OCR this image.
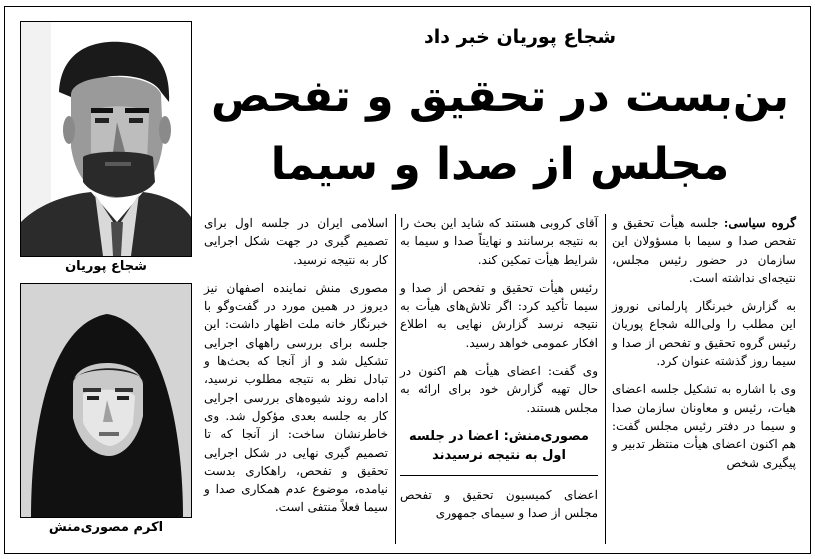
شجاع پوریان خبر داد
بن‌بست در تحقیق و تفحص
مجلس از صدا و سیما
شجاع پوریان
اکرم مصوری‌منش

گروه سیاسی: جلسه هیأت تحقیق و تفحص صدا و سیما با مسؤولان این سازمان در حضور رئیس مجلس، نتیجه‌ای نداشته است.

به گزارش خبرنگار پارلمانی نوروز این مطلب را ولی‌الله شجاع پوریان رئیس گروه تحقیق و تفحص از صدا و سیما روز گذشته عنوان کرد.

وی با اشاره به تشکیل جلسه اعضای هیات، رئیس و معاونان سازمان صدا و سیما در دفتر رئیس مجلس گفت: هم اکنون اعضای هیأت منتظر تدبیر و پیگیری شخص

آقای کروبی هستند که شاید این بحث را به نتیجه برسانند و نهایتاً صدا و سیما به شرایط هیأت تمکین کند.

رئیس هیأت تحقیق و تفحص از صدا و سیما تأکید کرد: اگر تلاش‌های هیأت به نتیجه نرسد گزارش نهایی به اطلاع افکار عمومی خواهد رسید.

وی گفت: اعضای هیأت هم اکنون در حال تهیه گزارش خود برای ارائه به مجلس هستند.

مصوری‌منش: اعضا در جلسه اول به نتیجه نرسیدند

اعضای کمیسیون تحقیق و تفحص مجلس از صدا و سیمای جمهوری

اسلامی ایران در جلسه اول برای تصمیم گیری در جهت شکل اجرایی کار به نتیجه نرسید.

مصوری منش نماینده اصفهان نیز دیروز در همین مورد در گفت‌وگو با خبرنگار خانه ملت اظهار داشت: این جلسه برای بررسی راههای اجرایی تشکیل شد و از آنجا که بحث‌ها و تبادل نظر به نتیجه مطلوب نرسید، ادامه روند شیوه‌های بررسی اجرایی کار به جلسه بعدی مؤکول شد. وی خاطرنشان ساخت: از آنجا که تا تصمیم گیری نهایی در شکل اجرایی تحقیق و تفحص، راهکاری بدست نیامده، موضوع عدم همکاری صدا و سیما فعلاً منتفی است.
